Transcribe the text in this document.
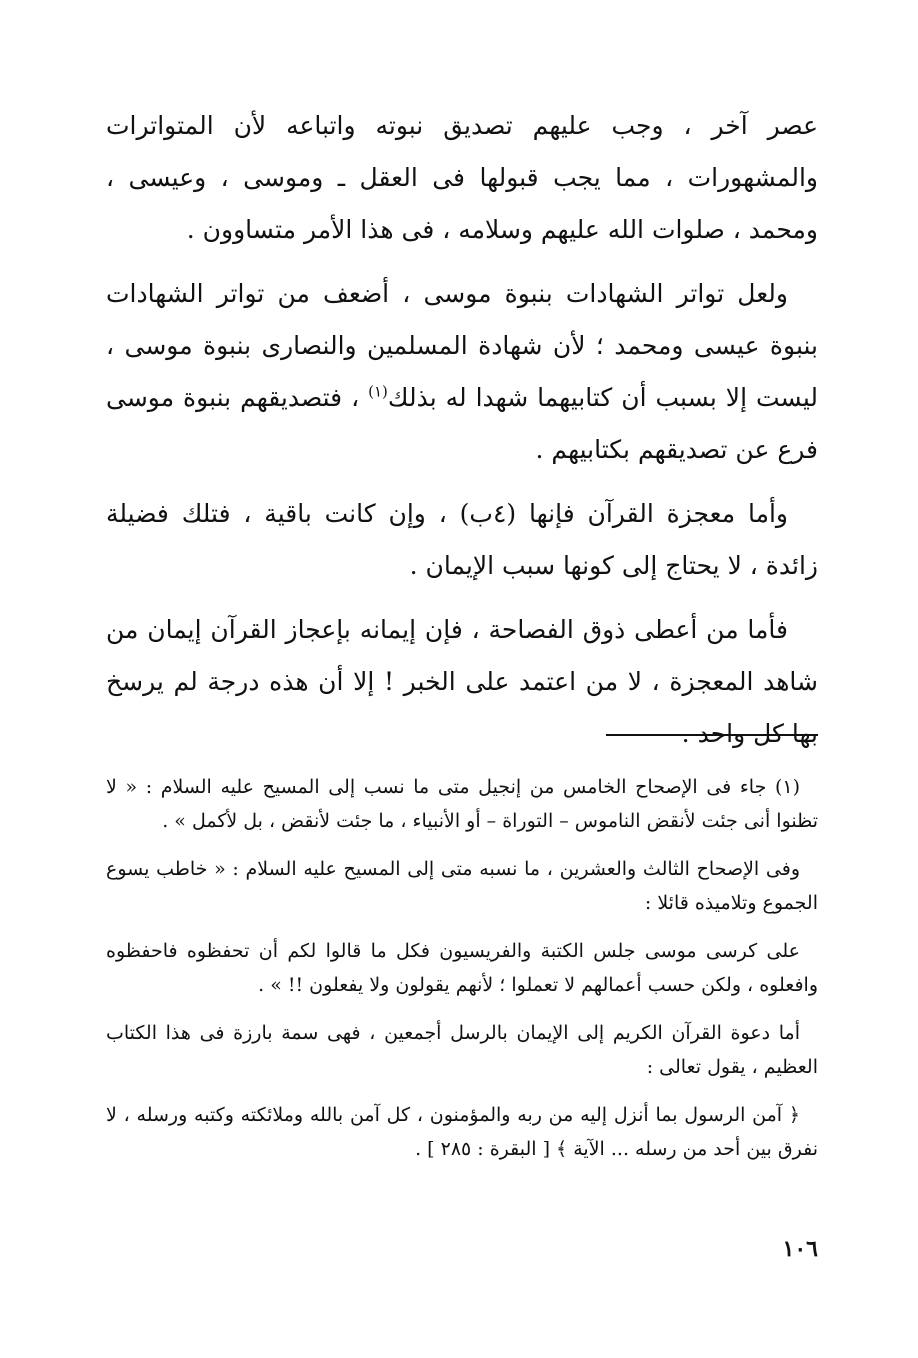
عصر آخر ، وجب عليهم تصديق نبوته واتباعه لأن المتواترات والمشهورات ، مما يجب قبولها فى العقل ـ وموسى ، وعيسى ، ومحمد ، صلوات الله عليهم وسلامه ، فى هذا الأمر متساوون .

ولعل تواتر الشهادات بنبوة موسى ، أضعف من تواتر الشهادات بنبوة عيسى ومحمد ؛ لأن شهادة المسلمين والنصارى بنبوة موسى ، ليست إلا بسبب أن كتابيهما شهدا له بذلك$^{(١)}$ ، فتصديقهم بنبوة موسى فرع عن تصديقهم بكتابيهم .

وأما معجزة القرآن فإنها (٤ب) ، وإن كانت باقية ، فتلك فضيلة زائدة ، لا يحتاج إلى كونها سبب الإيمان .

فأما من أعطى ذوق الفصاحة ، فإن إيمانه بإعجاز القرآن إيمان من شاهد المعجزة ، لا من اعتمد على الخبر ! إلا أن هذه درجة لم يرسخ بها كل واحد .

(١) جاء فى الإصحاح الخامس من إنجيل متى ما نسب إلى المسيح عليه السلام : « لا تظنوا أنى جئت لأنقض الناموس – التوراة – أو الأنبياء ، ما جئت لأنقض ، بل لأكمل » .

وفى الإصحاح الثالث والعشرين ، ما نسبه متى إلى المسيح عليه السلام : « خاطب يسوع الجموع وتلاميذه قائلا :

على كرسى موسى جلس الكتبة والفريسيون فكل ما قالوا لكم أن تحفظوه فاحفظوه وافعلوه ، ولكن حسب أعمالهم لا تعملوا ؛ لأنهم يقولون ولا يفعلون !! » .

أما دعوة القرآن الكريم إلى الإيمان بالرسل أجمعين ، فهى سمة بارزة فى هذا الكتاب العظيم ، يقول تعالى :

﴿ آمن الرسول بما أنزل إليه من ربه والمؤمنون ، كل آمن بالله وملائكته وكتبه ورسله ، لا نفرق بين أحد من رسله ... الآية ﴾ [ البقرة : ٢٨٥ ] .

١٠٦
